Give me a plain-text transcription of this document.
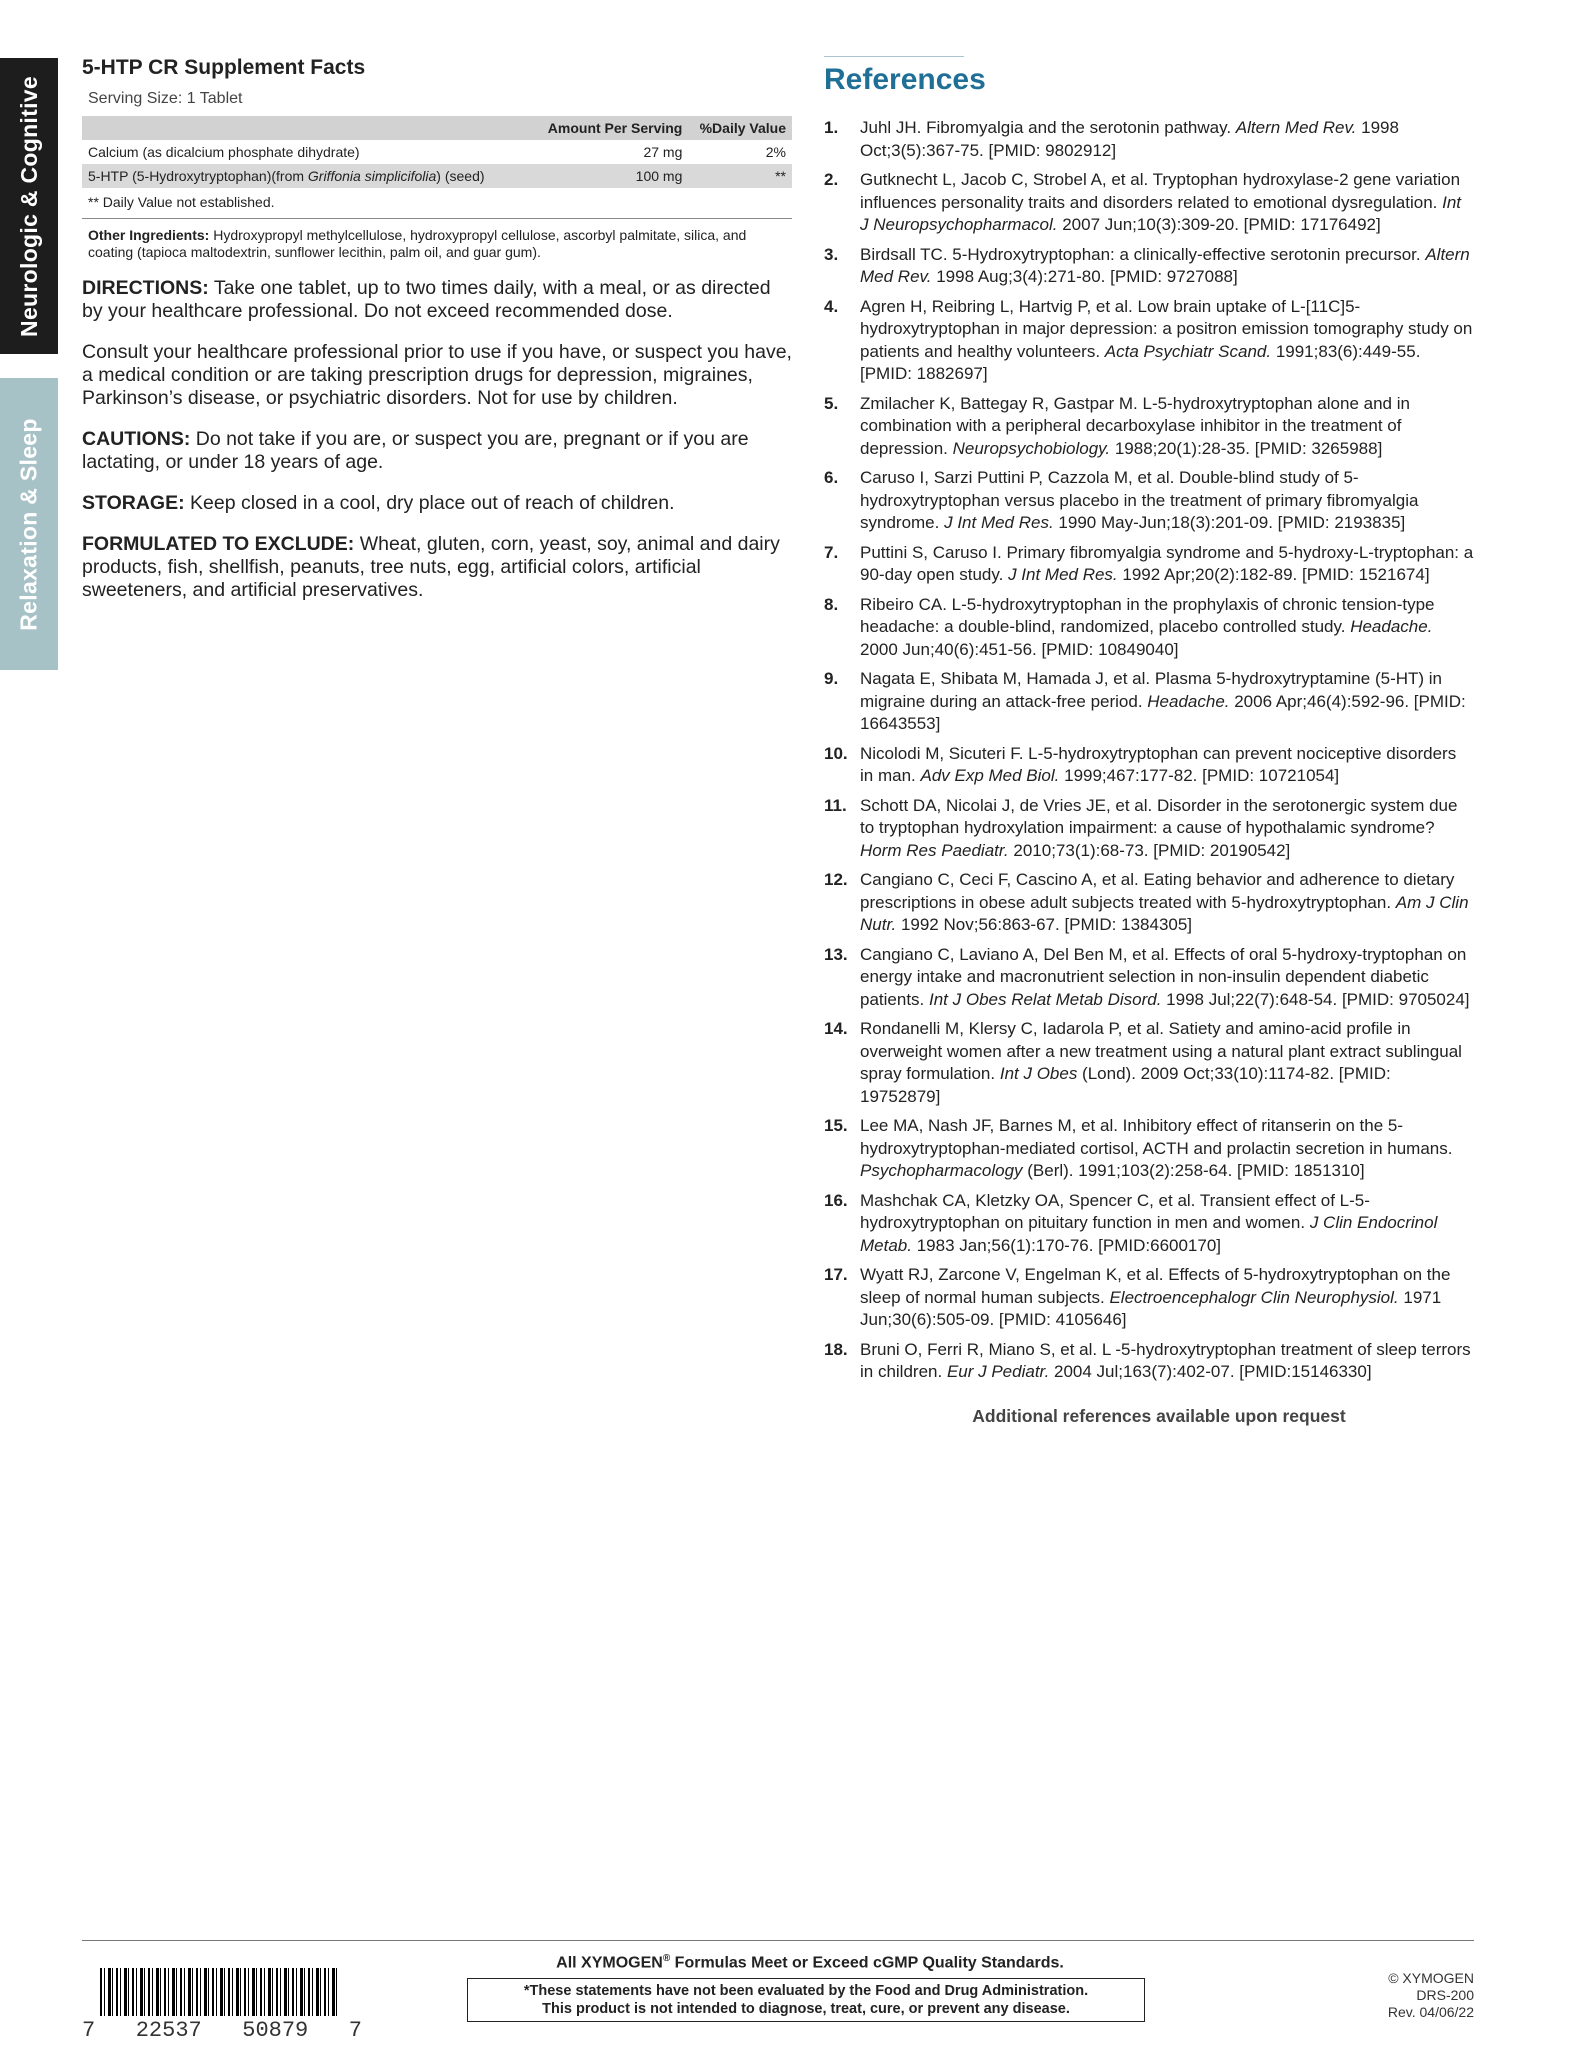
Neurologic & Cognitive
Relaxation & Sleep
5-HTP CR Supplement Facts
Serving Size: 1 Tablet
	Amount Per Serving	%Daily Value
Calcium (as dicalcium phosphate dihydrate)	27 mg	2%
5-HTP (5-Hydroxytryptophan)(from Griffonia simplicifolia) (seed)	100 mg	**
** Daily Value not established.
Other Ingredients: Hydroxypropyl methylcellulose, hydroxypropyl cellulose, ascorbyl palmitate, silica, and coating (tapioca maltodextrin, sunflower lecithin, palm oil, and guar gum).

DIRECTIONS: Take one tablet, up to two times daily, with a meal, or as directed by your healthcare professional. Do not exceed recommended dose.

Consult your healthcare professional prior to use if you have, or suspect you have, a medical condition or are taking prescription drugs for depression, migraines, Parkinson’s disease, or psychiatric disorders. Not for use by children.

CAUTIONS: Do not take if you are, or suspect you are, pregnant or if you are lactating, or under 18 years of age.

STORAGE: Keep closed in a cool, dry place out of reach of children.

FORMULATED TO EXCLUDE: Wheat, gluten, corn, yeast, soy, animal and dairy products, fish, shellfish, peanuts, tree nuts, egg, artificial colors, artificial sweeteners, and artificial preservatives.

References
1. Juhl JH. Fibromyalgia and the serotonin pathway. Altern Med Rev. 1998 Oct;3(5):367-75. [PMID: 9802912]
2. Gutknecht L, Jacob C, Strobel A, et al. Tryptophan hydroxylase-2 gene variation influences personality traits and disorders related to emotional dysregulation. Int J Neuropsychopharmacol. 2007 Jun;10(3):309-20. [PMID: 17176492]
3. Birdsall TC. 5-Hydroxytryptophan: a clinically-effective serotonin precursor. Altern Med Rev. 1998 Aug;3(4):271-80. [PMID: 9727088]
4. Agren H, Reibring L, Hartvig P, et al. Low brain uptake of L-[11C]5-hydroxytryptophan in major depression: a positron emission tomography study on patients and healthy volunteers. Acta Psychiatr Scand. 1991;83(6):449-55. [PMID: 1882697]
5. Zmilacher K, Battegay R, Gastpar M. L-5-hydroxytryptophan alone and in combination with a peripheral decarboxylase inhibitor in the treatment of depression. Neuropsychobiology. 1988;20(1):28-35. [PMID: 3265988]
6. Caruso I, Sarzi Puttini P, Cazzola M, et al. Double-blind study of 5-hydroxytryptophan versus placebo in the treatment of primary fibromyalgia syndrome. J Int Med Res. 1990 May-Jun;18(3):201-09. [PMID: 2193835]
7. Puttini S, Caruso I. Primary fibromyalgia syndrome and 5-hydroxy-L-tryptophan: a 90-day open study. J Int Med Res. 1992 Apr;20(2):182-89. [PMID: 1521674]
8. Ribeiro CA. L-5-hydroxytryptophan in the prophylaxis of chronic tension-type headache: a double-blind, randomized, placebo controlled study. Headache. 2000 Jun;40(6):451-56. [PMID: 10849040]
9. Nagata E, Shibata M, Hamada J, et al. Plasma 5-hydroxytryptamine (5-HT) in migraine during an attack-free period. Headache. 2006 Apr;46(4):592-96. [PMID: 16643553]
10. Nicolodi M, Sicuteri F. L-5-hydroxytryptophan can prevent nociceptive disorders in man. Adv Exp Med Biol. 1999;467:177-82. [PMID: 10721054]
11. Schott DA, Nicolai J, de Vries JE, et al. Disorder in the serotonergic system due to tryptophan hydroxylation impairment: a cause of hypothalamic syndrome? Horm Res Paediatr. 2010;73(1):68-73. [PMID: 20190542]
12. Cangiano C, Ceci F, Cascino A, et al. Eating behavior and adherence to dietary prescriptions in obese adult subjects treated with 5-hydroxytryptophan. Am J Clin Nutr. 1992 Nov;56:863-67. [PMID: 1384305]
13. Cangiano C, Laviano A, Del Ben M, et al. Effects of oral 5-hydroxy-tryptophan on energy intake and macronutrient selection in non-insulin dependent diabetic patients. Int J Obes Relat Metab Disord. 1998 Jul;22(7):648-54. [PMID: 9705024]
14. Rondanelli M, Klersy C, Iadarola P, et al. Satiety and amino-acid profile in overweight women after a new treatment using a natural plant extract sublingual spray formulation. Int J Obes (Lond). 2009 Oct;33(10):1174-82. [PMID: 19752879]
15. Lee MA, Nash JF, Barnes M, et al. Inhibitory effect of ritanserin on the 5-hydroxytryptophan-mediated cortisol, ACTH and prolactin secretion in humans. Psychopharmacology (Berl). 1991;103(2):258-64. [PMID: 1851310]
16. Mashchak CA, Kletzky OA, Spencer C, et al. Transient effect of L-5-hydroxytryptophan on pituitary function in men and women. J Clin Endocrinol Metab. 1983 Jan;56(1):170-76. [PMID:6600170]
17. Wyatt RJ, Zarcone V, Engelman K, et al. Effects of 5-hydroxytryptophan on the sleep of normal human subjects. Electroencephalogr Clin Neurophysiol. 1971 Jun;30(6):505-09. [PMID: 4105646]
18. Bruni O, Ferri R, Miano S, et al. L -5-hydroxytryptophan treatment of sleep terrors in children. Eur J Pediatr. 2004 Jul;163(7):402-07. [PMID:15146330]
Additional references available upon request
7 22537 50879 7
All XYMOGEN® Formulas Meet or Exceed cGMP Quality Standards.
*These statements have not been evaluated by the Food and Drug Administration.
This product is not intended to diagnose, treat, cure, or prevent any disease.
© XYMOGEN
DRS-200
Rev. 04/06/22
